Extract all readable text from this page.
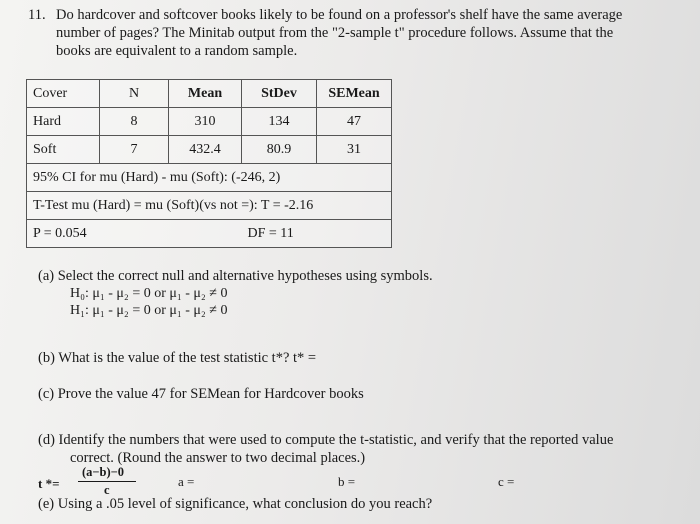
11. Do hardcover and softcover books likely to be found on a professor's shelf have the same average
number of pages? The Minitab output from the "2-sample t" procedure follows. Assume that the
books are equivalent to a random sample.
Cover	N	Mean	StDev	SEMean
Hard	8	310	134	47
Soft	7	432.4	80.9	31
95% CI for mu (Hard) - mu (Soft): (-246, 2)				
T-Test mu (Hard) = mu (Soft)(vs not =): T = -2.16				
P = 0.054			DF = 11	
(a) Select the correct null and alternative hypotheses using symbols.
H₀: μ₁ - μ₂ = 0 or μ₁ - μ₂ ≠ 0
H₁: μ₁ - μ₂ = 0 or μ₁ - μ₂ ≠ 0
(b) What is the value of the test statistic t*? t* =
(c) Prove the value 47 for SEMean for Hardcover books
(d) Identify the numbers that were used to compute the t-statistic, and verify that the reported value
correct. (Round the answer to two decimal places.)
t *=
(a−b)−0
c
a =	b =	c =
(e) Using a .05 level of significance, what conclusion do you reach?
